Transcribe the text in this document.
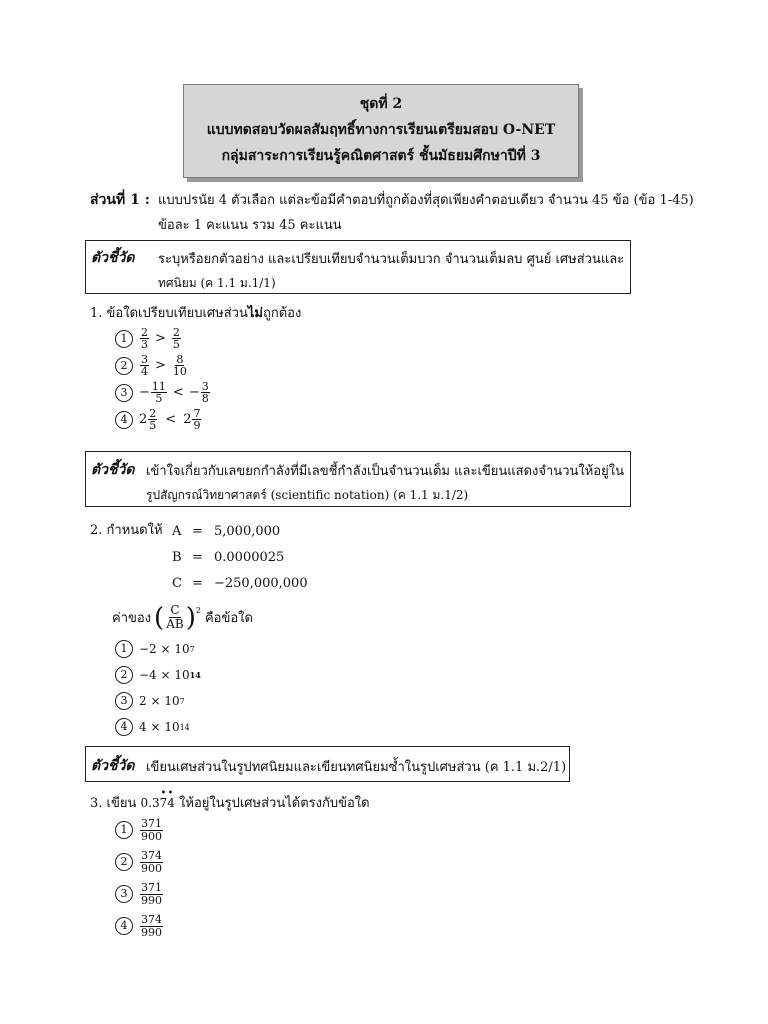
ชุดที่ 2
แบบทดสอบวัดผลสัมฤทธิ์ทางการเรียนเตรียมสอบ O-NET
กลุ่มสาระการเรียนรู้คณิตศาสตร์ ชั้นมัธยมศึกษาปีที่ 3
ส่วนที่ 1 : แบบปรนัย 4 ตัวเลือก แต่ละข้อมีคำตอบที่ถูกต้องที่สุดเพียงคำตอบเดียว จำนวน 45 ข้อ (ข้อ 1-45)
ข้อละ 1 คะแนน รวม 45 คะแนน
ตัวชี้วัด ระบุหรือยกตัวอย่าง และเปรียบเทียบจำนวนเต็มบวก จำนวนเต็มลบ ศูนย์ เศษส่วนและ
ทศนิยม (ค 1.1 ม.1/1)
1. ข้อใดเปรียบเทียบเศษส่วนไม่ถูกต้อง
1	$\frac{2}{3} > \frac{2}{5}$
2	$\frac{3}{4} > \frac{8}{10}$
$3 - \frac{11}{5}$ < − $\frac{3}{8}$
4 $2 \frac{2}{5} < 2 \frac{7}{9}$
ตัวชี้วัด เข้าใจเกี่ยวกับเลขยกกำลังที่มีเลขชี้กำลังเป็นจำนวนเต็ม และเขียนแสดงจำนวนให้อยู่ใน
รูปสัญกรณ์วิทยาศาสตร์ (scientific notation) (ค 1.1 ม.1/2)
2. กำหนดให้ A = 5,000,000
B = 0.0000025
C = −250,000,000
ค่าของ ( $\frac{C}{AB}$ ) 2
คือข้อใด
1 −2 × 10 7
2 −4 × 10 14
3 2 × 10 7
4 4 × 10 14
ตัวชี้วัด เขียนเศษส่วนในรูปทศนิยมและเขียนทศนิยมซ้ำในรูปเศษส่วน (ค 1.1 ม.2/1)
3. เขียน 0.374
• •
ให้อยู่ในรูปเศษส่วนได้ตรงกับข้อใด
1	$\frac{371}{900}$
2	$\frac{374}{900}$
3	$\frac{371}{990}$
4	$\frac{374}{990}$
